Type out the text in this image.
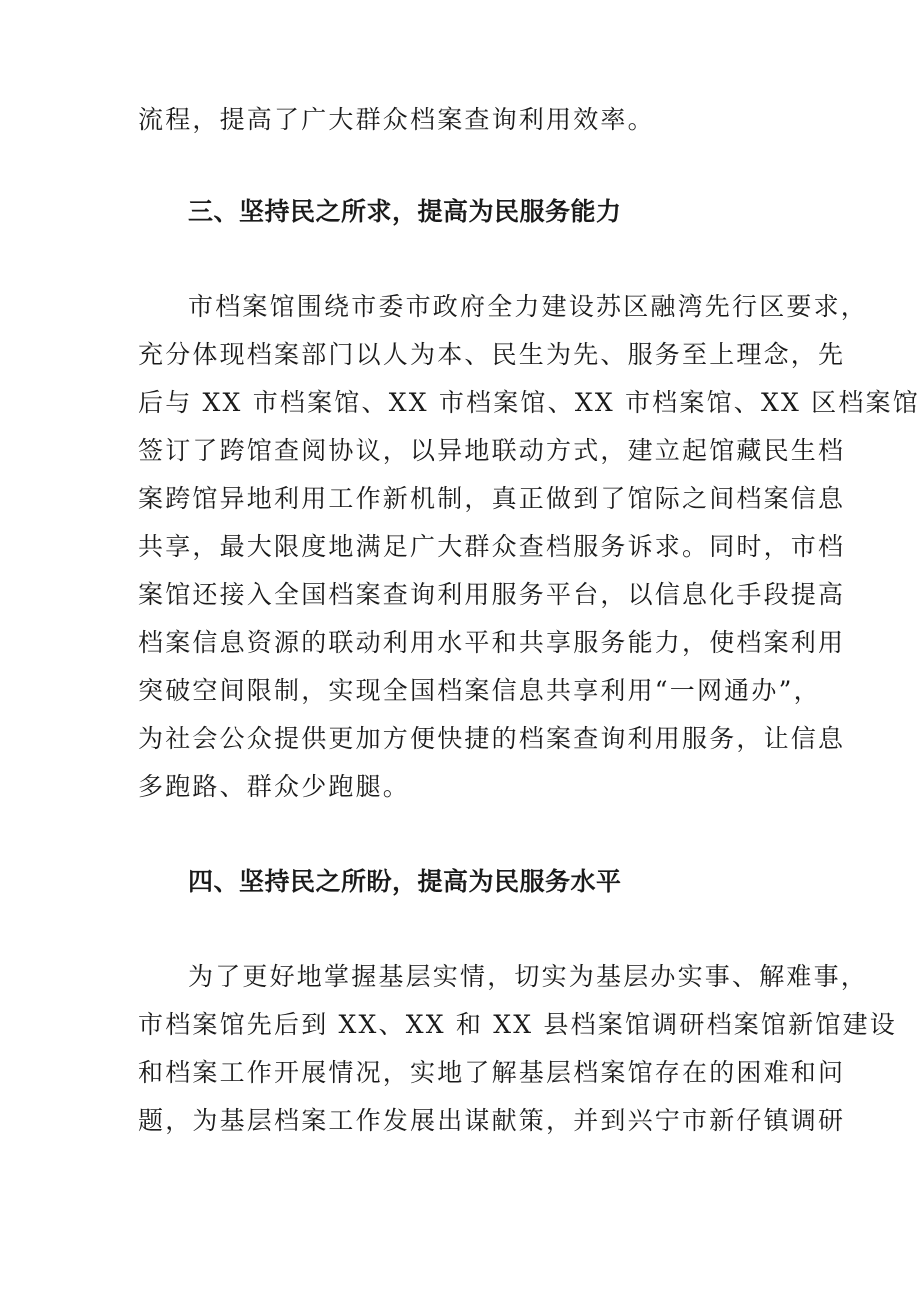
流程，提高了广大群众档案查询利用效率。
三、坚持民之所求，提高为民服务能力
市档案馆围绕市委市政府全力建设苏区融湾先行区要求，
充分体现档案部门以人为本、民生为先、服务至上理念，先
后与 XX 市档案馆、XX 市档案馆、XX 市档案馆、XX 区档案馆
签订了跨馆查阅协议，以异地联动方式，建立起馆藏民生档
案跨馆异地利用工作新机制，真正做到了馆际之间档案信息
共享，最大限度地满足广大群众查档服务诉求。同时，市档
案馆还接入全国档案查询利用服务平台，以信息化手段提高
档案信息资源的联动利用水平和共享服务能力，使档案利用
突破空间限制，实现全国档案信息共享利用“一网通办”，
为社会公众提供更加方便快捷的档案查询利用服务，让信息
多跑路、群众少跑腿。
四、坚持民之所盼，提高为民服务水平
为了更好地掌握基层实情，切实为基层办实事、解难事，
市档案馆先后到 XX、XX 和 XX 县档案馆调研档案馆新馆建设
和档案工作开展情况，实地了解基层档案馆存在的困难和问
题，为基层档案工作发展出谋献策，并到兴宁市新仔镇调研
